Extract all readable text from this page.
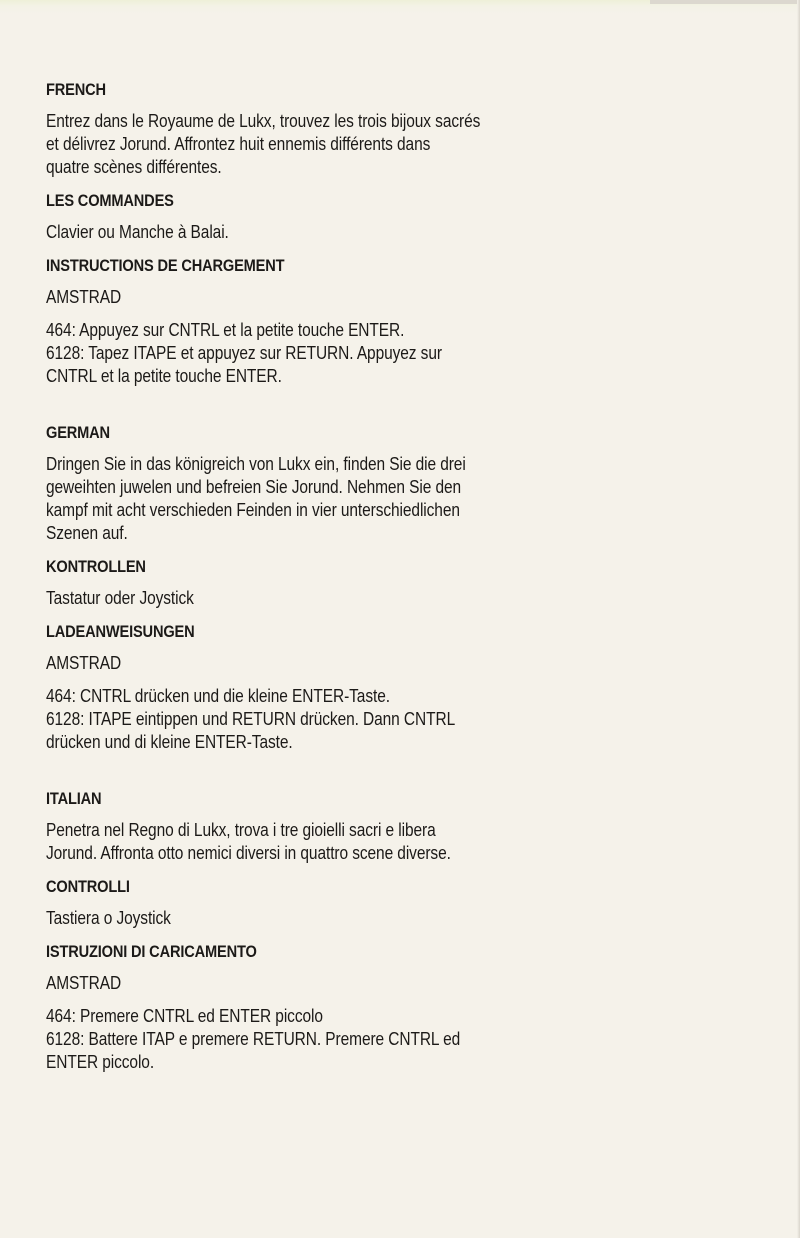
FRENCH
Entrez dans le Royaume de Lukx, trouvez les trois bijoux sacrés
et délivrez Jorund. Affrontez huit ennemis différents dans
quatre scènes différentes.
LES COMMANDES
Clavier ou Manche à Balai.
INSTRUCTIONS DE CHARGEMENT
AMSTRAD
464: Appuyez sur CNTRL et la petite touche ENTER.
6128: Tapez ITAPE et appuyez sur RETURN. Appuyez sur
CNTRL et la petite touche ENTER.
GERMAN
Dringen Sie in das königreich von Lukx ein, finden Sie die drei
geweihten juwelen und befreien Sie Jorund. Nehmen Sie den
kampf mit acht verschieden Feinden in vier unterschiedlichen
Szenen auf.
KONTROLLEN
Tastatur oder Joystick
LADEANWEISUNGEN
AMSTRAD
464: CNTRL drücken und die kleine ENTER-Taste.
6128: ITAPE eintippen und RETURN drücken. Dann CNTRL
drücken und di kleine ENTER-Taste.
ITALIAN
Penetra nel Regno di Lukx, trova i tre gioielli sacri e libera
Jorund. Affronta otto nemici diversi in quattro scene diverse.
CONTROLLI
Tastiera o Joystick
ISTRUZIONI DI CARICAMENTO
AMSTRAD
464: Premere CNTRL ed ENTER piccolo
6128: Battere ITAP e premere RETURN. Premere CNTRL ed
ENTER piccolo.
